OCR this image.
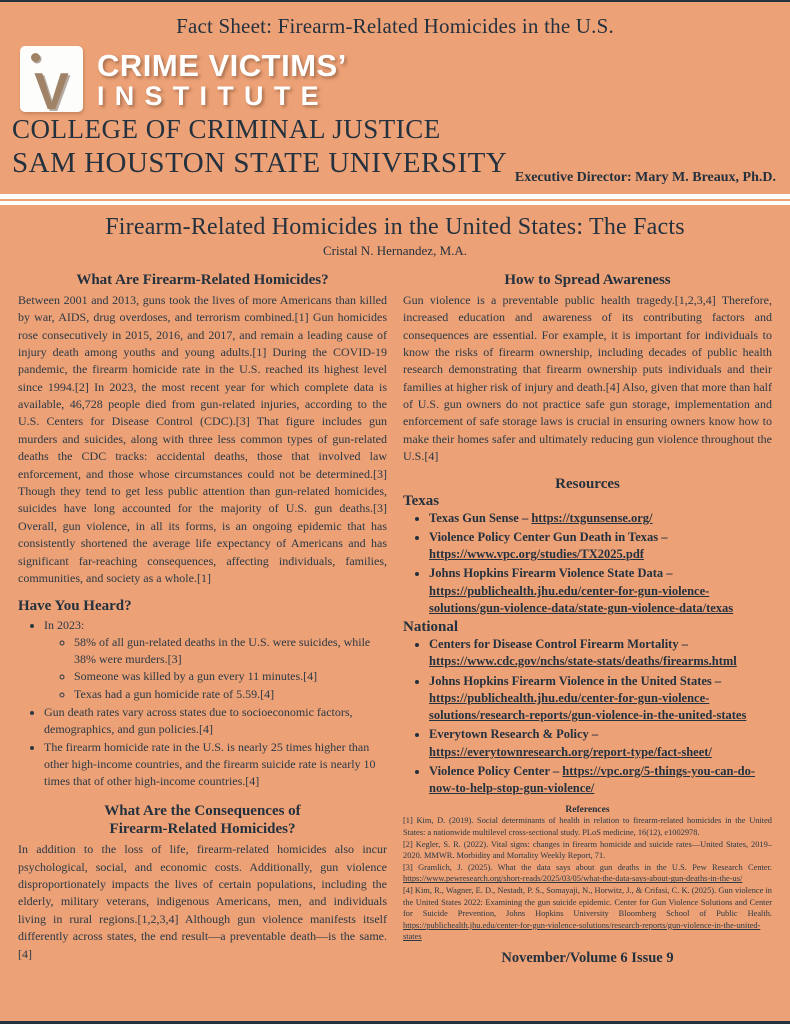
Fact Sheet: Firearm-Related Homicides in the U.S.
V CRIME VICTIMS’
INSTITUTE
COLLEGE OF CRIMINAL JUSTICE
SAM HOUSTON STATE UNIVERSITY Executive Director: Mary M. Breaux, Ph.D.
Firearm-Related Homicides in the United States: The Facts
Cristal N. Hernandez, M.A.
What Are Firearm-Related Homicides?
Between 2001 and 2013, guns took the lives of more Americans than killed by war, AIDS, drug overdoses, and terrorism combined.[1] Gun homicides rose consecutively in 2015, 2016, and 2017, and remain a leading cause of injury death among youths and young adults.[1] During the COVID-19 pandemic, the firearm homicide rate in the U.S. reached its highest level since 1994.[2] In 2023, the most recent year for which complete data is available, 46,728 people died from gun-related injuries, according to the U.S. Centers for Disease Control (CDC).[3] That figure includes gun murders and suicides, along with three less common types of gun-related deaths the CDC tracks: accidental deaths, those that involved law enforcement, and those whose circumstances could not be determined.[3] Though they tend to get less public attention than gun-related homicides, suicides have long accounted for the majority of U.S. gun deaths.[3] Overall, gun violence, in all its forms, is an ongoing epidemic that has consistently shortened the average life expectancy of Americans and has significant far-reaching consequences, affecting individuals, families, communities, and society as a whole.[1]
Have You Heard?
• In 2023:
◦ 58% of all gun-related deaths in the U.S. were suicides, while 38% were murders.[3]
◦ Someone was killed by a gun every 11 minutes.[4]
◦ Texas had a gun homicide rate of 5.59.[4]
• Gun death rates vary across states due to socioeconomic factors, demographics, and gun policies.[4]
• The firearm homicide rate in the U.S. is nearly 25 times higher than other high-income countries, and the firearm suicide rate is nearly 10 times that of other high-income countries.[4]
What Are the Consequences of
Firearm-Related Homicides?
In addition to the loss of life, firearm-related homicides also incur psychological, social, and economic costs. Additionally, gun violence disproportionately impacts the lives of certain populations, including the elderly, military veterans, indigenous Americans, men, and individuals living in rural regions.[1,2,3,4] Although gun violence manifests itself differently across states, the end result—a preventable death—is the same.[4]
How to Spread Awareness
Gun violence is a preventable public health tragedy.[1,2,3,4] Therefore, increased education and awareness of its contributing factors and consequences are essential. For example, it is important for individuals to know the risks of firearm ownership, including decades of public health research demonstrating that firearm ownership puts individuals and their families at higher risk of injury and death.[4] Also, given that more than half of U.S. gun owners do not practice safe gun storage, implementation and enforcement of safe storage laws is crucial in ensuring owners know how to make their homes safer and ultimately reducing gun violence throughout the U.S.[4]
Resources
Texas
• Texas Gun Sense – https://txgunsense.org/
• Violence Policy Center Gun Death in Texas – https://www.vpc.org/studies/TX2025.pdf
• Johns Hopkins Firearm Violence State Data – https://publichealth.jhu.edu/center-for-gun-violence-solutions/gun-violence-data/state-gun-violence-data/texas
National
• Centers for Disease Control Firearm Mortality – https://www.cdc.gov/nchs/state-stats/deaths/firearms.html
• Johns Hopkins Firearm Violence in the United States – https://publichealth.jhu.edu/center-for-gun-violence-solutions/research-reports/gun-violence-in-the-united-states
• Everytown Research & Policy – https://everytownresearch.org/report-type/fact-sheet/
• Violence Policy Center – https://vpc.org/5-things-you-can-do-now-to-help-stop-gun-violence/
References
[1] Kim, D. (2019). Social determinants of health in relation to firearm-related homicides in the United States: a nationwide multilevel cross-sectional study. PLoS medicine, 16(12), e1002978.
[2] Kegler, S. R. (2022). Vital signs: changes in firearm homicide and suicide rates—United States, 2019–2020. MMWR. Morbidity and Mortality Weekly Report, 71.
[3] Gramlich, J. (2025). What the data says about gun deaths in the U.S. Pew Research Center. https://www.pewresearch.org/short-reads/2025/03/05/what-the-data-says-about-gun-deaths-in-the-us/
[4] Kim, R., Wagner, E. D., Nestadt, P. S., Somayaji, N., Horwitz, J., & Crifasi, C. K. (2025). Gun violence in the United States 2022: Examining the gun suicide epidemic. Center for Gun Violence Solutions and Center for Suicide Prevention, Johns Hopkins University Bloomberg School of Public Health. https://publichealth.jhu.edu/center-for-gun-violence-solutions/research-reports/gun-violence-in-the-united-states
November/Volume 6 Issue 9
